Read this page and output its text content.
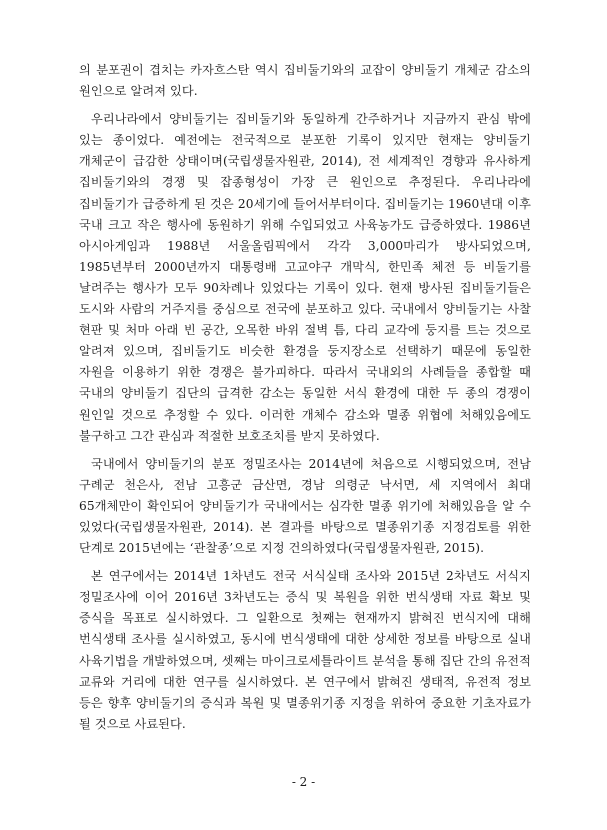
의 분포권이 겹치는 카자흐스탄 역시 집비둘기와의 교잡이 양비둘기 개체군 감소의 원인으로 알려져 있다.

우리나라에서 양비둘기는 집비둘기와 동일하게 간주하거나 지금까지 관심 밖에 있는 종이었다. 예전에는 전국적으로 분포한 기록이 있지만 현재는 양비둘기 개체군이 급감한 상태이며(국립생물자원관, 2014), 전 세계적인 경향과 유사하게 집비둘기와의 경쟁 및 잡종형성이 가장 큰 원인으로 추정된다. 우리나라에 집비둘기가 급증하게 된 것은 20세기에 들어서부터이다. 집비둘기는 1960년대 이후 국내 크고 작은 행사에 동원하기 위해 수입되었고 사육농가도 급증하였다. 1986년 아시아게임과 1988년 서울올림픽에서 각각 3,000마리가 방사되었으며, 1985년부터 2000년까지 대통령배 고교야구 개막식, 한민족 체전 등 비둘기를 날려주는 행사가 모두 90차례나 있었다는 기록이 있다. 현재 방사된 집비둘기들은 도시와 사람의 거주지를 중심으로 전국에 분포하고 있다. 국내에서 양비둘기는 사찰 현판 및 처마 아래 빈 공간, 오목한 바위 절벽 틈, 다리 교각에 둥지를 트는 것으로 알려져 있으며, 집비둘기도 비슷한 환경을 둥지장소로 선택하기 때문에 동일한 자원을 이용하기 위한 경쟁은 불가피하다. 따라서 국내외의 사례들을 종합할 때 국내의 양비둘기 집단의 급격한 감소는 동일한 서식 환경에 대한 두 종의 경쟁이 원인일 것으로 추정할 수 있다. 이러한 개체수 감소와 멸종 위협에 처해있음에도 불구하고 그간 관심과 적절한 보호조치를 받지 못하였다.

국내에서 양비둘기의 분포 정밀조사는 2014년에 처음으로 시행되었으며, 전남 구례군 천은사, 전남 고흥군 금산면, 경남 의령군 낙서면, 세 지역에서 최대 65개체만이 확인되어 양비둘기가 국내에서는 심각한 멸종 위기에 처해있음을 알 수 있었다(국립생물자원관, 2014). 본 결과를 바탕으로 멸종위기종 지정검토를 위한 단계로 2015년에는 ‘관찰종’으로 지정 건의하였다(국립생물자원관, 2015).

본 연구에서는 2014년 1차년도 전국 서식실태 조사와 2015년 2차년도 서식지 정밀조사에 이어 2016년 3차년도는 증식 및 복원을 위한 번식생태 자료 확보 및 증식을 목표로 실시하였다. 그 일환으로 첫째는 현재까지 밝혀진 번식지에 대해 번식생태 조사를 실시하였고, 동시에 번식생태에 대한 상세한 정보를 바탕으로 실내 사육기법을 개발하였으며, 셋째는 마이크로세틀라이트 분석을 통해 집단 간의 유전적 교류와 거리에 대한 연구를 실시하였다. 본 연구에서 밝혀진 생태적, 유전적 정보 등은 향후 양비둘기의 증식과 복원 및 멸종위기종 지정을 위하여 중요한 기초자료가 될 것으로 사료된다.

- 2 -
